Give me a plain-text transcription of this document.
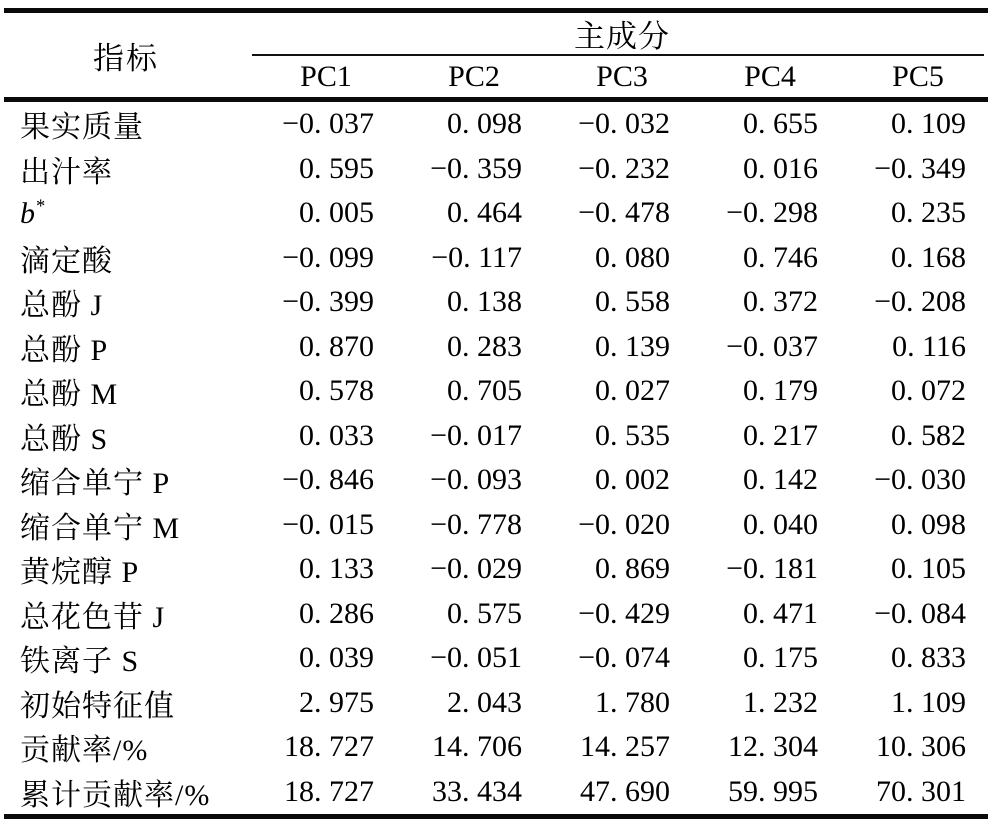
指标
主成分
PC1	PC2	PC3	PC4	PC5
果实质量	−0. 037	0. 098	−0. 032	0. 655	0. 109
出汁率	0. 595	−0. 359	−0. 232	0. 016	−0. 349
b*	0. 005	0. 464	−0. 478	−0. 298	0. 235
滴定酸	−0. 099	−0. 117	0. 080	0. 746	0. 168
总酚 J	−0. 399	0. 138	0. 558	0. 372	−0. 208
总酚 P	0. 870	0. 283	0. 139	−0. 037	0. 116
总酚 M	0. 578	0. 705	0. 027	0. 179	0. 072
总酚 S	0. 033	−0. 017	0. 535	0. 217	0. 582
缩合单宁 P	−0. 846	−0. 093	0. 002	0. 142	−0. 030
缩合单宁 M	−0. 015	−0. 778	−0. 020	0. 040	0. 098
黄烷醇 P	0. 133	−0. 029	0. 869	−0. 181	0. 105
总花色苷 J	0. 286	0. 575	−0. 429	0. 471	−0. 084
铁离子 S	0. 039	−0. 051	−0. 074	0. 175	0. 833
初始特征值	2. 975	2. 043	1. 780	1. 232	1. 109
贡献率/%	18. 727	14. 706	14. 257	12. 304	10. 306
累计贡献率/%	18. 727	33. 434	47. 690	59. 995	70. 301
